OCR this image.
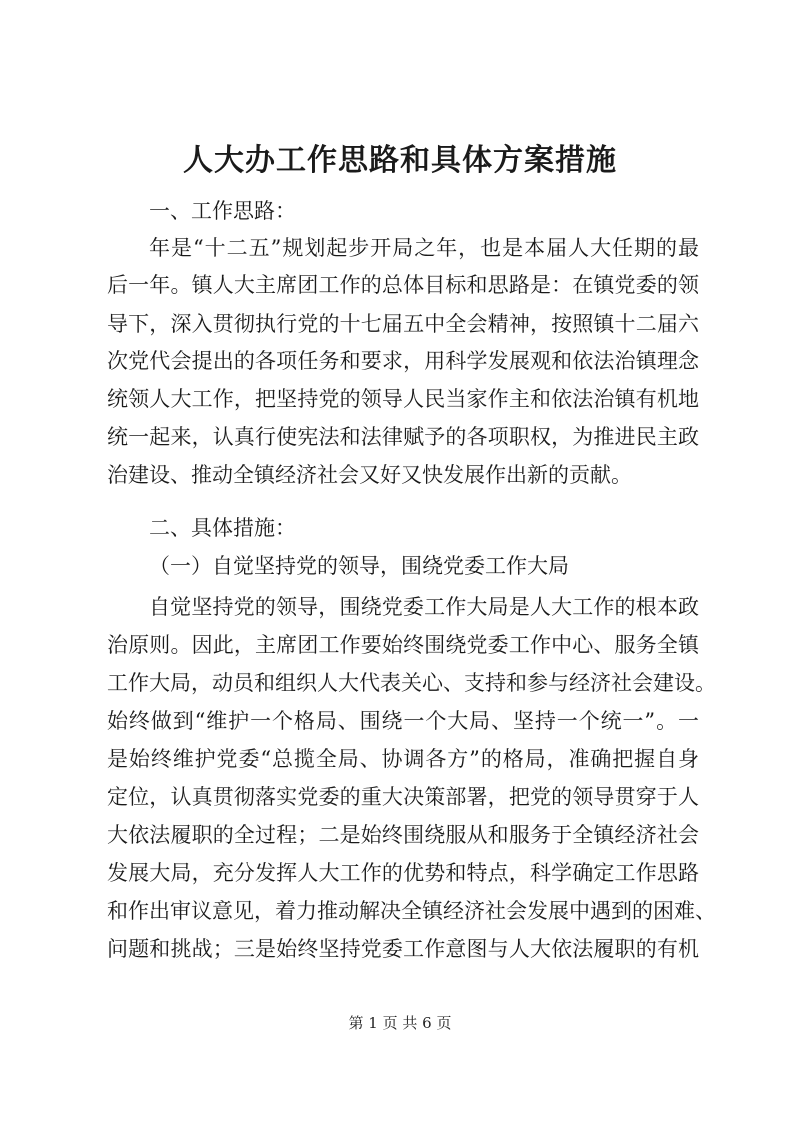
人大办工作思路和具体方案措施
一、工作思路：
年是“十二五”规划起步开局之年，也是本届人大任期的最
后一年。镇人大主席团工作的总体目标和思路是：在镇党委的领
导下，深入贯彻执行党的十七届五中全会精神，按照镇十二届六
次党代会提出的各项任务和要求，用科学发展观和依法治镇理念
统领人大工作，把坚持党的领导人民当家作主和依法治镇有机地
统一起来，认真行使宪法和法律赋予的各项职权，为推进民主政
治建设、推动全镇经济社会又好又快发展作出新的贡献。
二、具体措施：
（一）自觉坚持党的领导，围绕党委工作大局
自觉坚持党的领导，围绕党委工作大局是人大工作的根本政
治原则。因此，主席团工作要始终围绕党委工作中心、服务全镇
工作大局，动员和组织人大代表关心、支持和参与经济社会建设。
始终做到“维护一个格局、围绕一个大局、坚持一个统一”。一
是始终维护党委“总揽全局、协调各方”的格局，准确把握自身
定位，认真贯彻落实党委的重大决策部署，把党的领导贯穿于人
大依法履职的全过程；二是始终围绕服从和服务于全镇经济社会
发展大局，充分发挥人大工作的优势和特点，科学确定工作思路
和作出审议意见，着力推动解决全镇经济社会发展中遇到的困难、
问题和挑战；三是始终坚持党委工作意图与人大依法履职的有机
第 1 页 共 6 页
